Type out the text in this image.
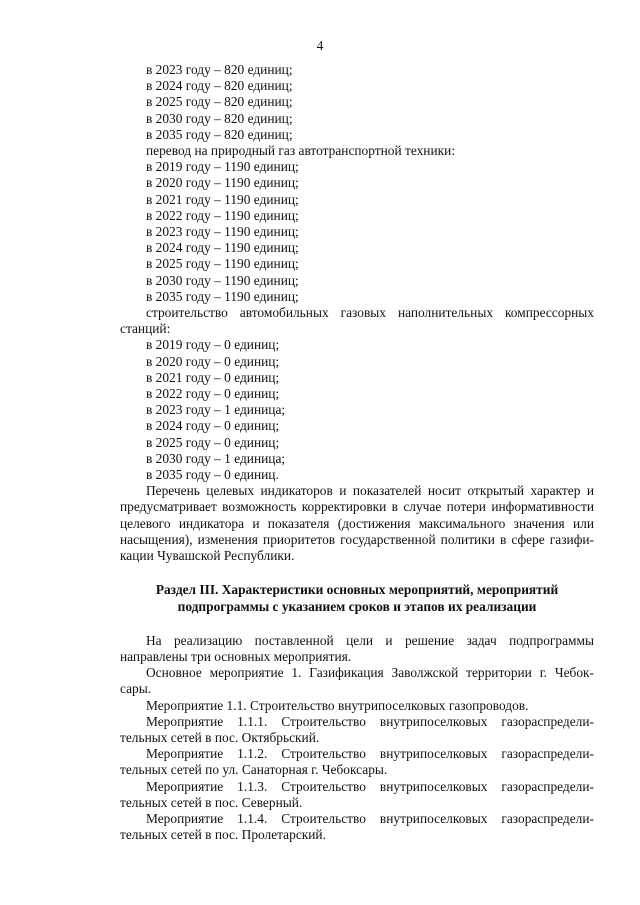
4

в 2023 году – 820 единиц;

в 2024 году – 820 единиц;

в 2025 году – 820 единиц;

в 2030 году – 820 единиц;

в 2035 году – 820 единиц;

перевод на природный газ автотранспортной техники:

в 2019 году – 1190 единиц;

в 2020 году – 1190 единиц;

в 2021 году – 1190 единиц;

в 2022 году – 1190 единиц;

в 2023 году – 1190 единиц;

в 2024 году – 1190 единиц;

в 2025 году – 1190 единиц;

в 2030 году – 1190 единиц;

в 2035 году – 1190 единиц;

строительство автомобильных газовых наполнительных компрессорных

станций:

в 2019 году – 0 единиц;

в 2020 году – 0 единиц;

в 2021 году – 0 единиц;

в 2022 году – 0 единиц;

в 2023 году – 1 единица;

в 2024 году – 0 единиц;

в 2025 году – 0 единиц;

в 2030 году – 1 единица;

в 2035 году – 0 единиц.

Перечень целевых индикаторов и показателей носит открытый характер и

предусматривает возможность корректировки в случае потери информативности

целевого индикатора и показателя (достижения максимального значения или

насыщения), изменения приоритетов государственной политики в сфере газифи-

кации Чувашской Республики.

Раздел III. Характеристики основных мероприятий, мероприятий

подпрограммы с указанием сроков и этапов их реализации

На реализацию поставленной цели и решение задач подпрограммы

направлены три основных мероприятия.

Основное мероприятие 1. Газификация Заволжской территории г. Чебок-

сары.

Мероприятие 1.1. Строительство внутрипоселковых газопроводов.

Мероприятие 1.1.1. Строительство внутрипоселковых газораспредели-

тельных сетей в пос. Октябрьский.

Мероприятие 1.1.2. Строительство внутрипоселковых газораспредели-

тельных сетей по ул. Санаторная г. Чебоксары.

Мероприятие 1.1.3. Строительство внутрипоселковых газораспредели-

тельных сетей в пос. Северный.

Мероприятие 1.1.4. Строительство внутрипоселковых газораспредели-

тельных сетей в пос. Пролетарский.
